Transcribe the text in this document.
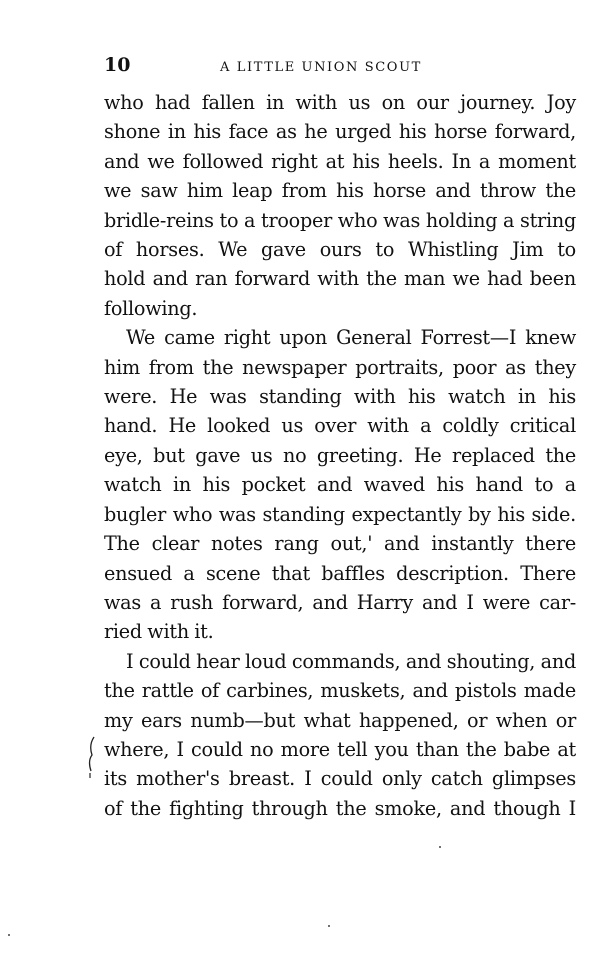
10	A LITTLE UNION SCOUT
who had fallen in with us on our journey. Joy
shone in his face as he urged his horse forward,
and we followed right at his heels. In a moment
we saw him leap from his horse and throw the
bridle-reins to a trooper who was holding a string
of horses. We gave ours to Whistling Jim to
hold and ran forward with the man we had been
following.
We came right upon General Forrest—I knew
him from the newspaper portraits, poor as they
were. He was standing with his watch in his
hand. He looked us over with a coldly critical
eye, but gave us no greeting. He replaced the
watch in his pocket and waved his hand to a
bugler who was standing expectantly by his side.
The clear notes rang out,' and instantly there
ensued a scene that baffles description. There
was a rush forward, and Harry and I were car-
ried with it.
I could hear loud commands, and shouting, and
the rattle of carbines, muskets, and pistols made
my ears numb—but what happened, or when or
where, I could no more tell you than the babe at
its mother's breast. I could only catch glimpses
of the fighting through the smoke, and though I
